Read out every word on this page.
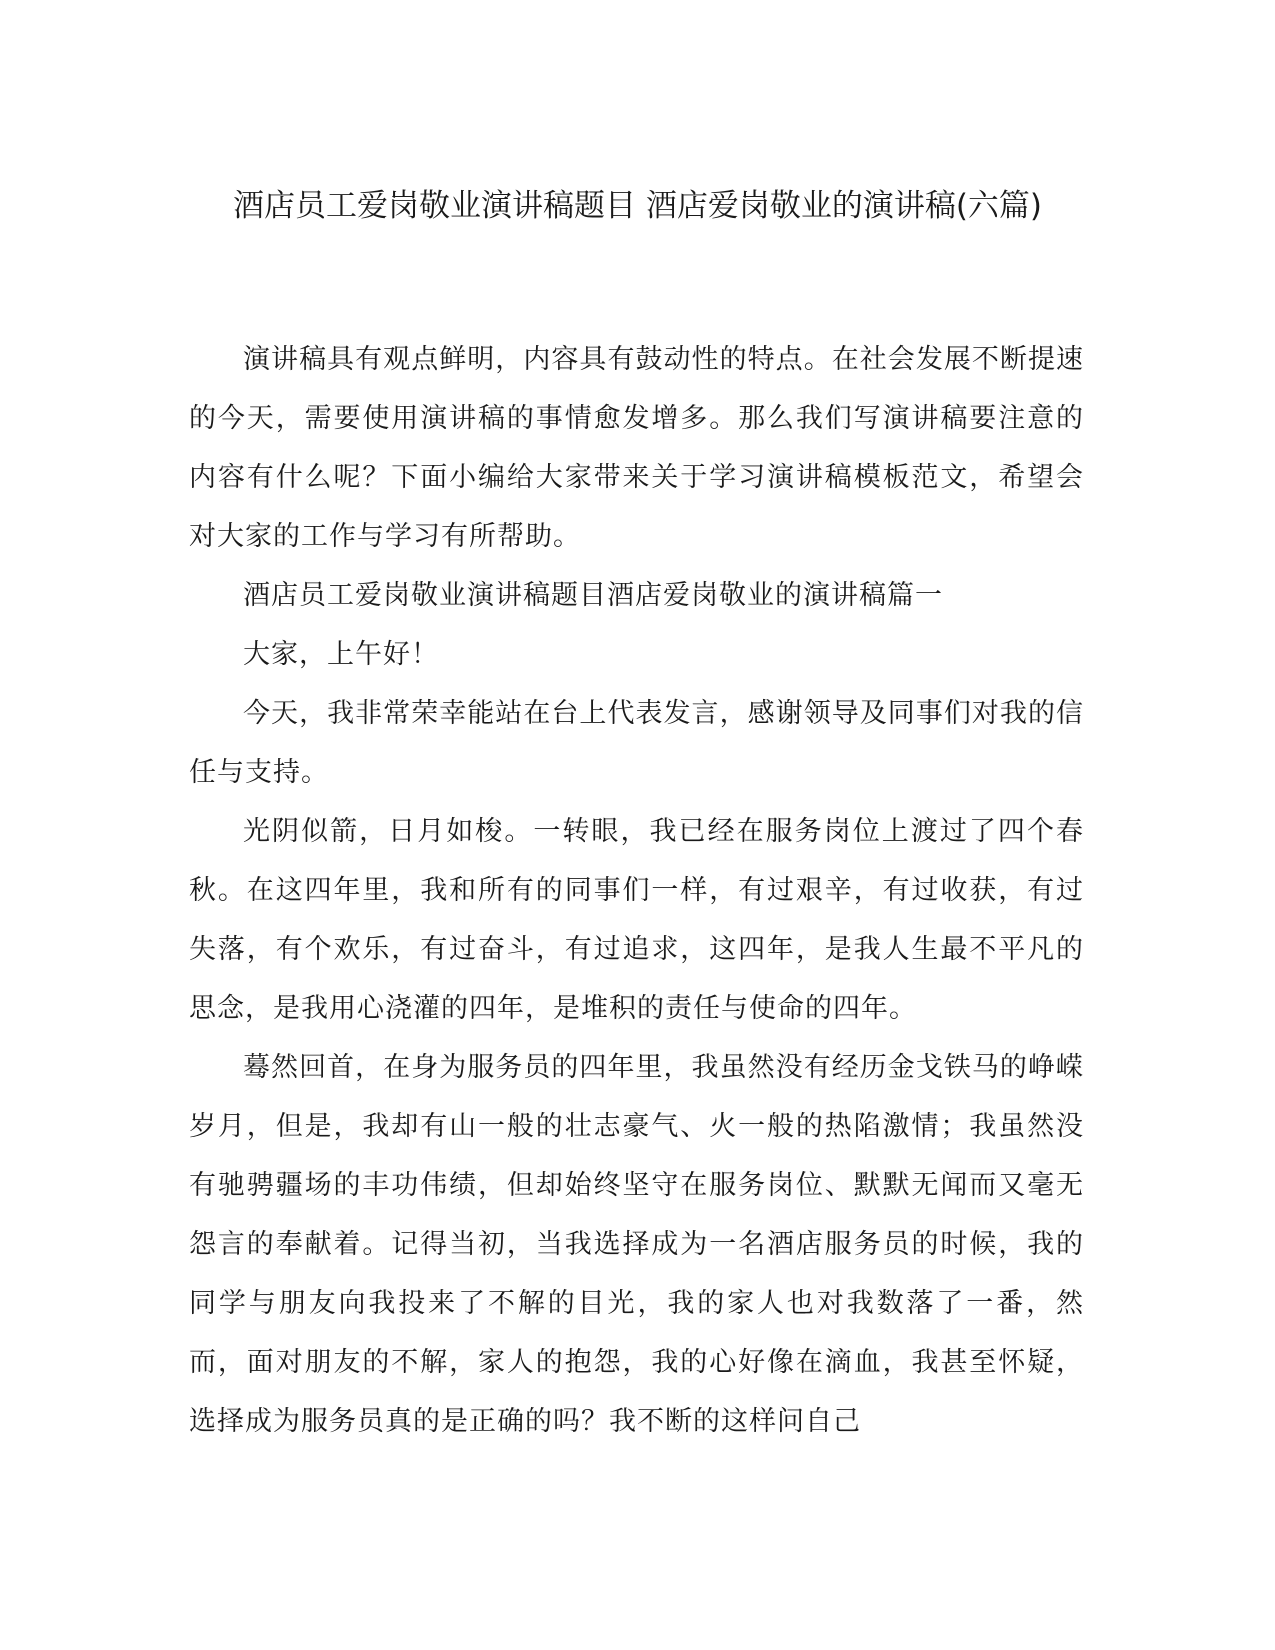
酒店员工爱岗敬业演讲稿题目 酒店爱岗敬业的演讲稿(六篇)

演讲稿具有观点鲜明，内容具有鼓动性的特点。在社会发展不断提速的今天，需要使用演讲稿的事情愈发增多。那么我们写演讲稿要注意的内容有什么呢？下面小编给大家带来关于学习演讲稿模板范文，希望会对大家的工作与学习有所帮助。

酒店员工爱岗敬业演讲稿题目酒店爱岗敬业的演讲稿篇一

大家，上午好！

今天，我非常荣幸能站在台上代表发言，感谢领导及同事们对我的信任与支持。

光阴似箭，日月如梭。一转眼，我已经在服务岗位上渡过了四个春秋。在这四年里，我和所有的同事们一样，有过艰辛，有过收获，有过失落，有个欢乐，有过奋斗，有过追求，这四年，是我人生最不平凡的思念，是我用心浇灌的四年，是堆积的责任与使命的四年。

蓦然回首，在身为服务员的四年里，我虽然没有经历金戈铁马的峥嵘岁月，但是，我却有山一般的壮志豪气、火一般的热陷激情；我虽然没有驰骋疆场的丰功伟绩，但却始终坚守在服务岗位、默默无闻而又毫无怨言的奉献着。记得当初，当我选择成为一名酒店服务员的时候，我的同学与朋友向我投来了不解的目光，我的家人也对我数落了一番，然而，面对朋友的不解，家人的抱怨，我的心好像在滴血，我甚至怀疑，选择成为服务员真的是正确的吗？我不断的这样问自己
